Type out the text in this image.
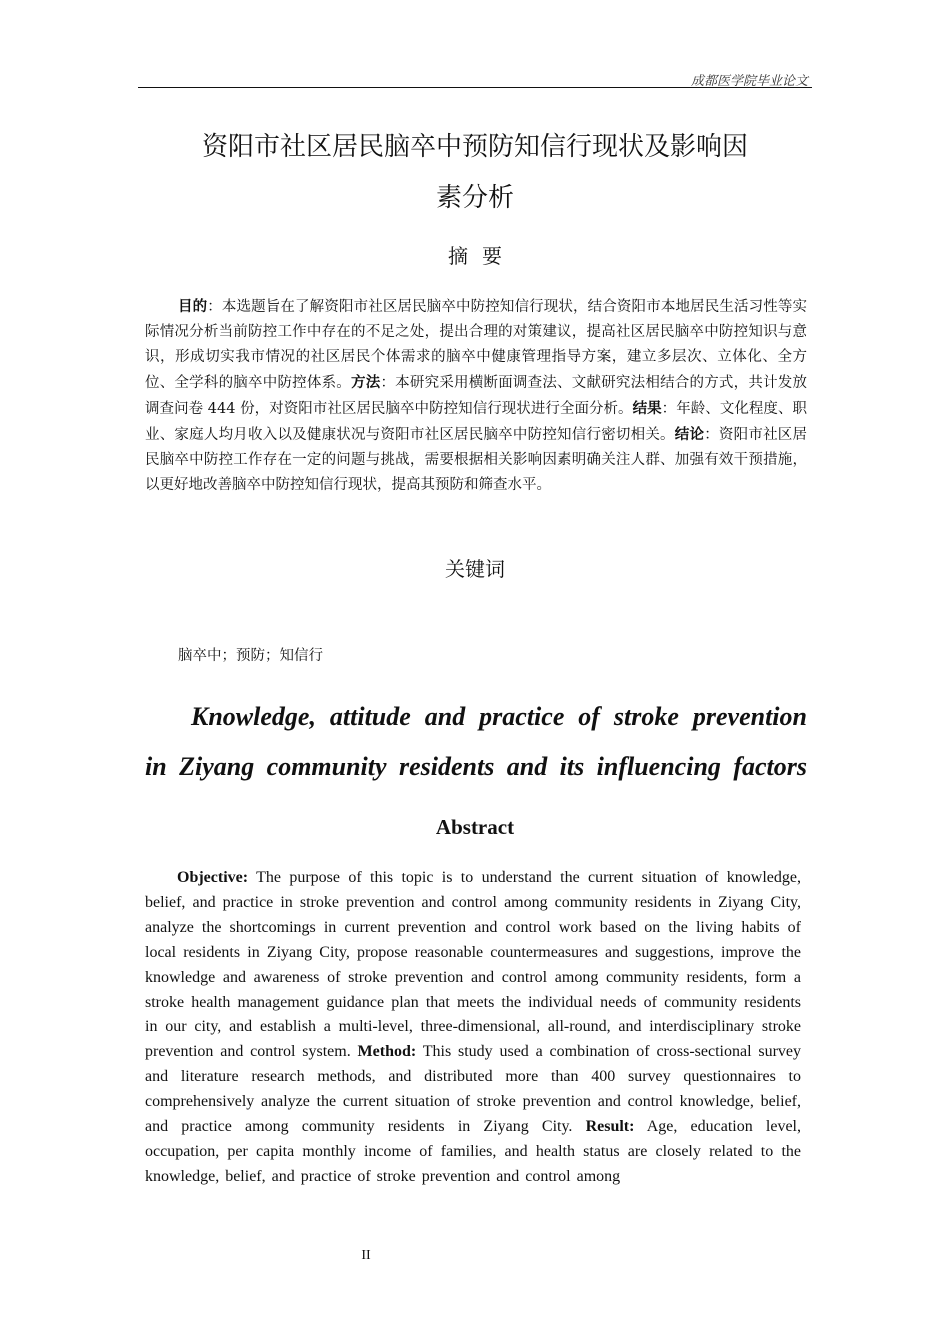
成都医学院毕业论文
资阳市社区居民脑卒中预防知信行现状及影响因
素分析
摘要
目的：本选题旨在了解资阳市社区居民脑卒中防控知信行现状，结合资阳市本地居民生活习性等实际情况分析当前防控工作中存在的不足之处，提出合理的对策建议，提高社区居民脑卒中防控知识与意识，形成切实我市情况的社区居民个体需求的脑卒中健康管理指导方案，建立多层次、立体化、全方位、全学科的脑卒中防控体系。方法：本研究采用横断面调查法、文献研究法相结合的方式，共计发放调查问卷 444 份，对资阳市社区居民脑卒中防控知信行现状进行全面分析。结果：年龄、文化程度、职业、家庭人均月收入以及健康状况与资阳市社区居民脑卒中防控知信行密切相关。结论：资阳市社区居民脑卒中防控工作存在一定的问题与挑战，需要根据相关影响因素明确关注人群、加强有效干预措施，以更好地改善脑卒中防控知信行现状，提高其预防和筛查水平。
关键词
脑卒中；预防；知信行
Knowledge, attitude and practice of stroke prevention
in Ziyang community residents and its influencing factors
Abstract
Objective: The purpose of this topic is to understand the current situation of knowledge, belief, and practice in stroke prevention and control among community residents in Ziyang City, analyze the shortcomings in current prevention and control work based on the living habits of local residents in Ziyang City, propose reasonable countermeasures and suggestions, improve the knowledge and awareness of stroke prevention and control among community residents, form a stroke health management guidance plan that meets the individual needs of community residents in our city, and establish a multi-level, three-dimensional, all-round, and interdisciplinary stroke prevention and control system. Method: This study used a combination of cross-sectional survey and literature research methods, and distributed more than 400 survey questionnaires to comprehensively analyze the current situation of stroke prevention and control knowledge, belief, and practice among community residents in Ziyang City. Result: Age, education level, occupation, per capita monthly income of families, and health status are closely related to the knowledge, belief, and practice of stroke prevention and control among
II
